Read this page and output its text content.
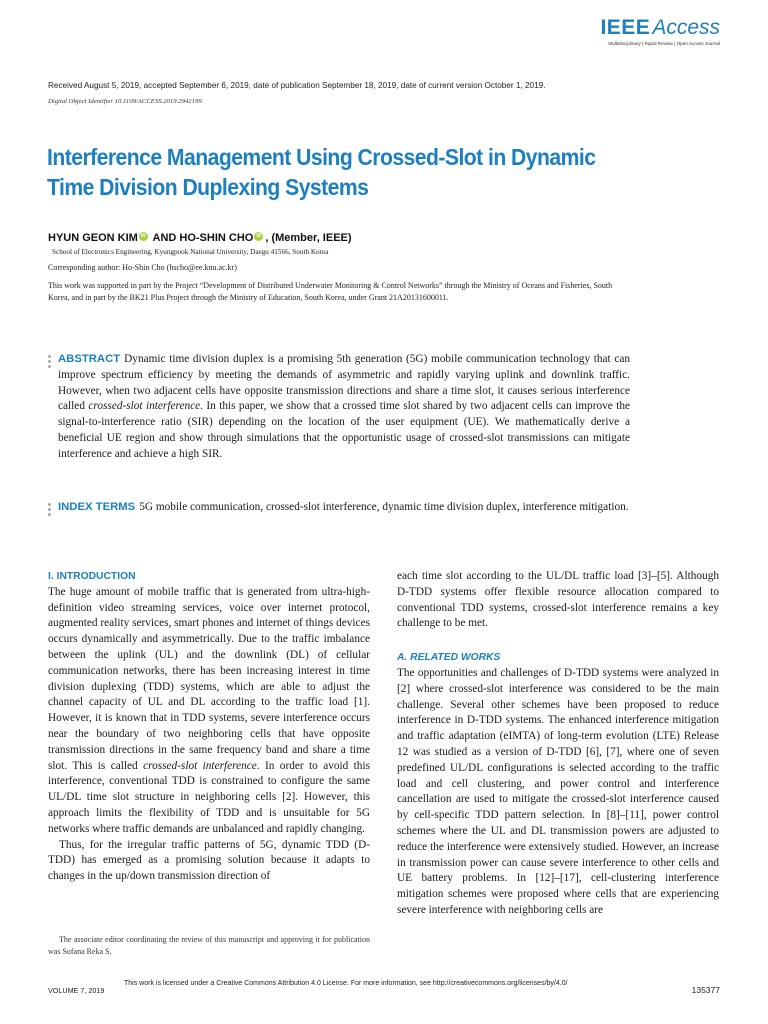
IEEEAccess
Multidisciplinary | Rapid Review | Open Access Journal
Received August 5, 2019, accepted September 6, 2019, date of publication September 18, 2019, date of current version October 1, 2019.
Digital Object Identifier 10.1109/ACCESS.2019.2942199
Interference Management Using Crossed-Slot in Dynamic Time Division Duplexing Systems
HYUN GEON KIM iD AND HO-SHIN CHO iD , (Member, IEEE)
School of Electronics Engineering, Kyungpook National University, Daegu 41566, South Korea
Corresponding author: Ho-Shin Cho (hscho@ee.knu.ac.kr)
This work was supported in part by the Project “Development of Distributed Underwater Monitoring & Control Networks” through the Ministry of Oceans and Fisheries, South Korea, and in part by the BK21 Plus Project through the Ministry of Education, South Korea, under Grant 21A20131600011.

ABSTRACT Dynamic time division duplex is a promising 5th generation (5G) mobile communication technology that can improve spectrum efficiency by meeting the demands of asymmetric and rapidly varying uplink and downlink traffic. However, when two adjacent cells have opposite transmission directions and share a time slot, it causes serious interference called crossed-slot interference. In this paper, we show that a crossed time slot shared by two adjacent cells can improve the signal-to-interference ratio (SIR) depending on the location of the user equipment (UE). We mathematically derive a beneficial UE region and show through simulations that the opportunistic usage of crossed-slot transmissions can mitigate interference and achieve a high SIR.

INDEX TERMS 5G mobile communication, crossed-slot interference, dynamic time division duplex, interference mitigation.

I. INTRODUCTION

The huge amount of mobile traffic that is generated from ultra-high-definition video streaming services, voice over internet protocol, augmented reality services, smart phones and internet of things devices occurs dynamically and asymmetrically. Due to the traffic imbalance between the uplink (UL) and the downlink (DL) of cellular communication networks, there has been increasing interest in time division duplexing (TDD) systems, which are able to adjust the channel capacity of UL and DL according to the traffic load [1]. However, it is known that in TDD systems, severe interference occurs near the boundary of two neighboring cells that have opposite transmission directions in the same frequency band and share a time slot. This is called crossed-slot interference. In order to avoid this interference, conventional TDD is constrained to configure the same UL/DL time slot structure in neighboring cells [2]. However, this approach limits the flexibility of TDD and is unsuitable for 5G networks where traffic demands are unbalanced and rapidly changing.

Thus, for the irregular traffic patterns of 5G, dynamic TDD (D-TDD) has emerged as a promising solution because it adapts to changes in the up/down transmission direction of

The associate editor coordinating the review of this manuscript and approving it for publication was Sofana Reka S.

each time slot according to the UL/DL traffic load [3]–[5]. Although D-TDD systems offer flexible resource allocation compared to conventional TDD systems, crossed-slot interference remains a key challenge to be met.

A. RELATED WORKS

The opportunities and challenges of D-TDD systems were analyzed in [2] where crossed-slot interference was considered to be the main challenge. Several other schemes have been proposed to reduce interference in D-TDD systems. The enhanced interference mitigation and traffic adaptation (eIMTA) of long-term evolution (LTE) Release 12 was studied as a version of D-TDD [6], [7], where one of seven predefined UL/DL configurations is selected according to the traffic load and cell clustering, and power control and interference cancellation are used to mitigate the crossed-slot interference caused by cell-specific TDD pattern selection. In [8]–[11], power control schemes where the UL and DL transmission powers are adjusted to reduce the interference were extensively studied. However, an increase in transmission power can cause severe interference to other cells and UE battery problems. In [12]–[17], cell-clustering interference mitigation schemes were proposed where cells that are experiencing severe interference with neighboring cells are

VOLUME 7, 2019
This work is licensed under a Creative Commons Attribution 4.0 License. For more information, see http://creativecommons.org/licenses/by/4.0/
135377
